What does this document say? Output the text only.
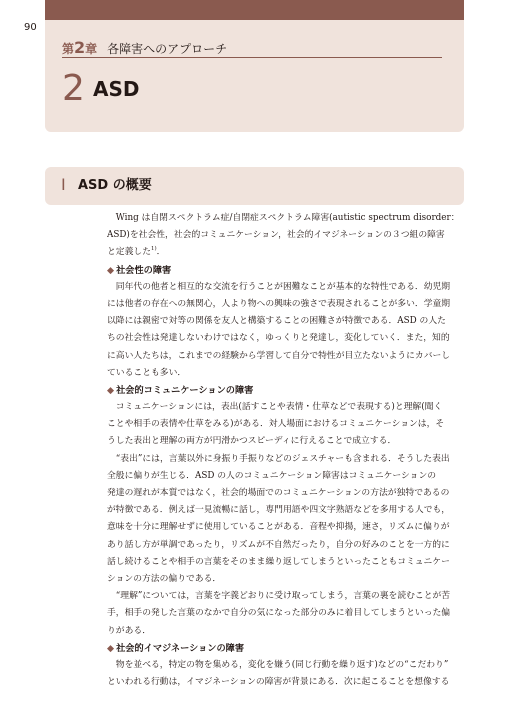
90
第2章 各障害へのアプローチ
2 ASD
I ASD の概要
Wing は自閉スペクトラム症/自閉症スペクトラム障害(autistic spectrum disorder：
ASD)を社会性，社会的コミュニケーション，社会的イマジネーションの３つ組の障害
と定義した$^{1)}$．
◆ 社会性の障害
同年代の他者と相互的な交流を行うことが困難なことが基本的な特性である．幼児期
には他者の存在への無関心，人より物への興味の強さで表現されることが多い．学童期
以降には親密で対等の関係を友人と構築することの困難さが特徴である．ASD の人た
ちの社会性は発達しないわけではなく，ゆっくりと発達し，変化していく．また，知的
に高い人たちは，これまでの経験から学習して自分で特性が目立たないようにカバーし
ていることも多い．
◆ 社会的コミュニケーションの障害
コミュニケーションには，表出(話すことや表情・仕草などで表現する)と理解(聞く
ことや相手の表情や仕草をみる)がある．対人場面におけるコミュニケーションは，そ
うした表出と理解の両方が円滑かつスピーディに行えることで成立する．
“表出”には，言葉以外に身振り手振りなどのジェスチャーも含まれる．そうした表出
全般に偏りが生じる．ASD の人のコミュニケーション障害はコミュニケーションの
発達の遅れが本質ではなく，社会的場面でのコミュニケーションの方法が独特であるの
が特徴である．例えば一見流暢に話し，専門用語や四文字熟語などを多用する人でも，
意味を十分に理解せずに使用していることがある．音程や抑揚，速さ，リズムに偏りが
あり話し方が単調であったり，リズムが不自然だったり，自分の好みのことを一方的に
話し続けることや相手の言葉をそのまま繰り返してしまうといったこともコミュニケー
ションの方法の偏りである．
“理解”については，言葉を字義どおりに受け取ってしまう，言葉の裏を読むことが苦
手，相手の発した言葉のなかで自分の気になった部分のみに着目してしまうといった偏
りがある．
◆ 社会的イマジネーションの障害
物を並べる，特定の物を集める，変化を嫌う(同じ行動を繰り返す)などの“こだわり”
といわれる行動は，イマジネーションの障害が背景にある．次に起こることを想像する
